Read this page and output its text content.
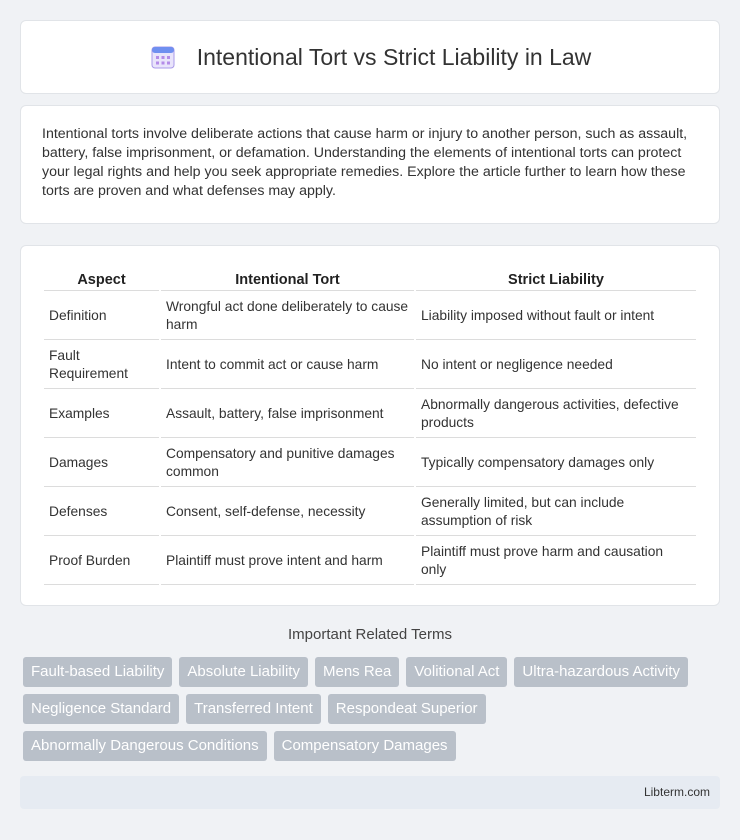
Intentional Tort vs Strict Liability in Law

Intentional torts involve deliberate actions that cause harm or injury to another person, such as assault, battery, false imprisonment, or defamation. Understanding the elements of intentional torts can protect your legal rights and help you seek appropriate remedies. Explore the article further to learn how these torts are proven and what defenses may apply.

Aspect	Intentional Tort	Strict Liability
Definition	Wrongful act done deliberately to cause harm	Liability imposed without fault or intent
Fault Requirement	Intent to commit act or cause harm	No intent or negligence needed
Examples	Assault, battery, false imprisonment	Abnormally dangerous activities, defective products
Damages	Compensatory and punitive damages common	Typically compensatory damages only
Defenses	Consent, self-defense, necessity	Generally limited, but can include assumption of risk
Proof Burden	Plaintiff must prove intent and harm	Plaintiff must prove harm and causation only
Important Related Terms
Fault-based Liability	Absolute Liability	Mens Rea	Volitional Act	Ultra-hazardous Activity
Negligence Standard	Transferred Intent	Respondeat Superior
Abnormally Dangerous Conditions	Compensatory Damages
Libterm.com
